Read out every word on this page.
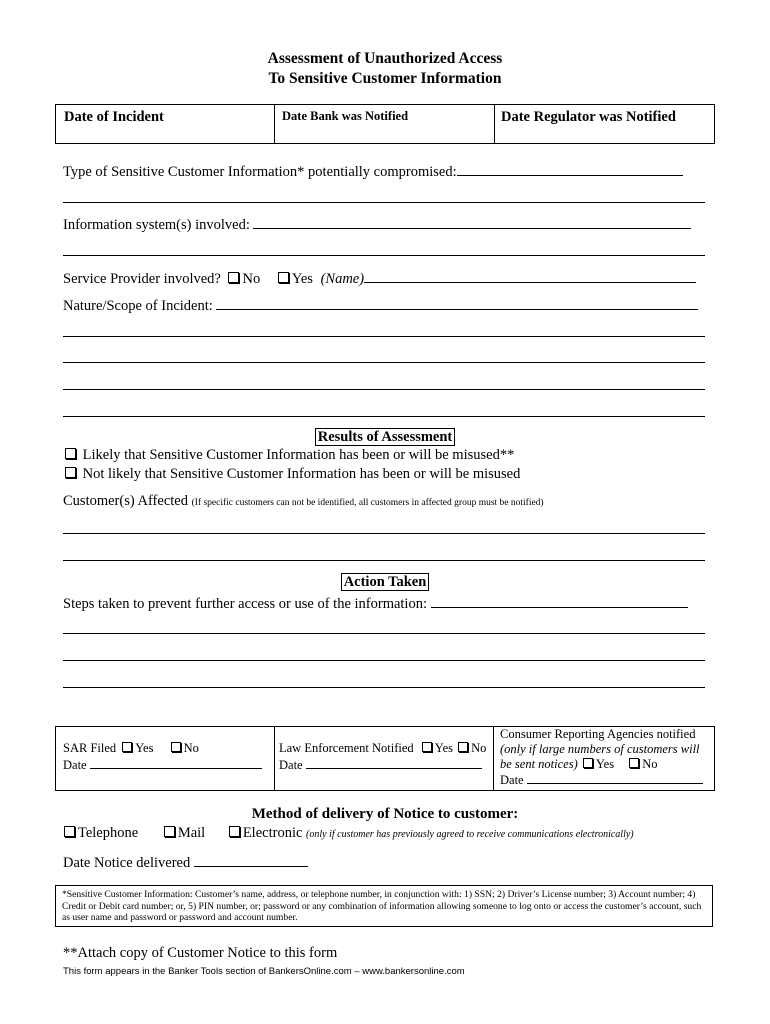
Assessment of Unauthorized Access
To Sensitive Customer Information
Date of Incident	Date Bank was Notified	Date Regulator was Notified
Type of Sensitive Customer Information* potentially compromised:
Information system(s) involved:
Service Provider involved? No Yes (Name)
Nature/Scope of Incident:
Results of Assessment
Likely that Sensitive Customer Information has been or will be misused**
Not likely that Sensitive Customer Information has been or will be misused
Customer(s) Affected (If specific customers can not be identified, all customers in affected group must be notified)
Action Taken
Steps taken to prevent further access or use of the information:
SAR Filed Yes No
Date
Law Enforcement Notified Yes No
Date
Consumer Reporting Agencies notified
(only if large numbers of customers will
be sent notices) Yes No
Date
Method of delivery of Notice to customer:
Telephone	Mail	Electronic (only if customer has previously agreed to receive communications electronically)
Date Notice delivered
*Sensitive Customer Information: Customer’s name, address, or telephone number, in conjunction with: 1) SSN; 2) Driver’s License number; 3) Account number; 4) Credit or Debit card number; or, 5) PIN number, or; password or any combination of information allowing someone to log onto or access the customer’s account, such as user name and password or password and account number.
**Attach copy of Customer Notice to this form
This form appears in the Banker Tools section of BankersOnline.com – www.bankersonline.com
